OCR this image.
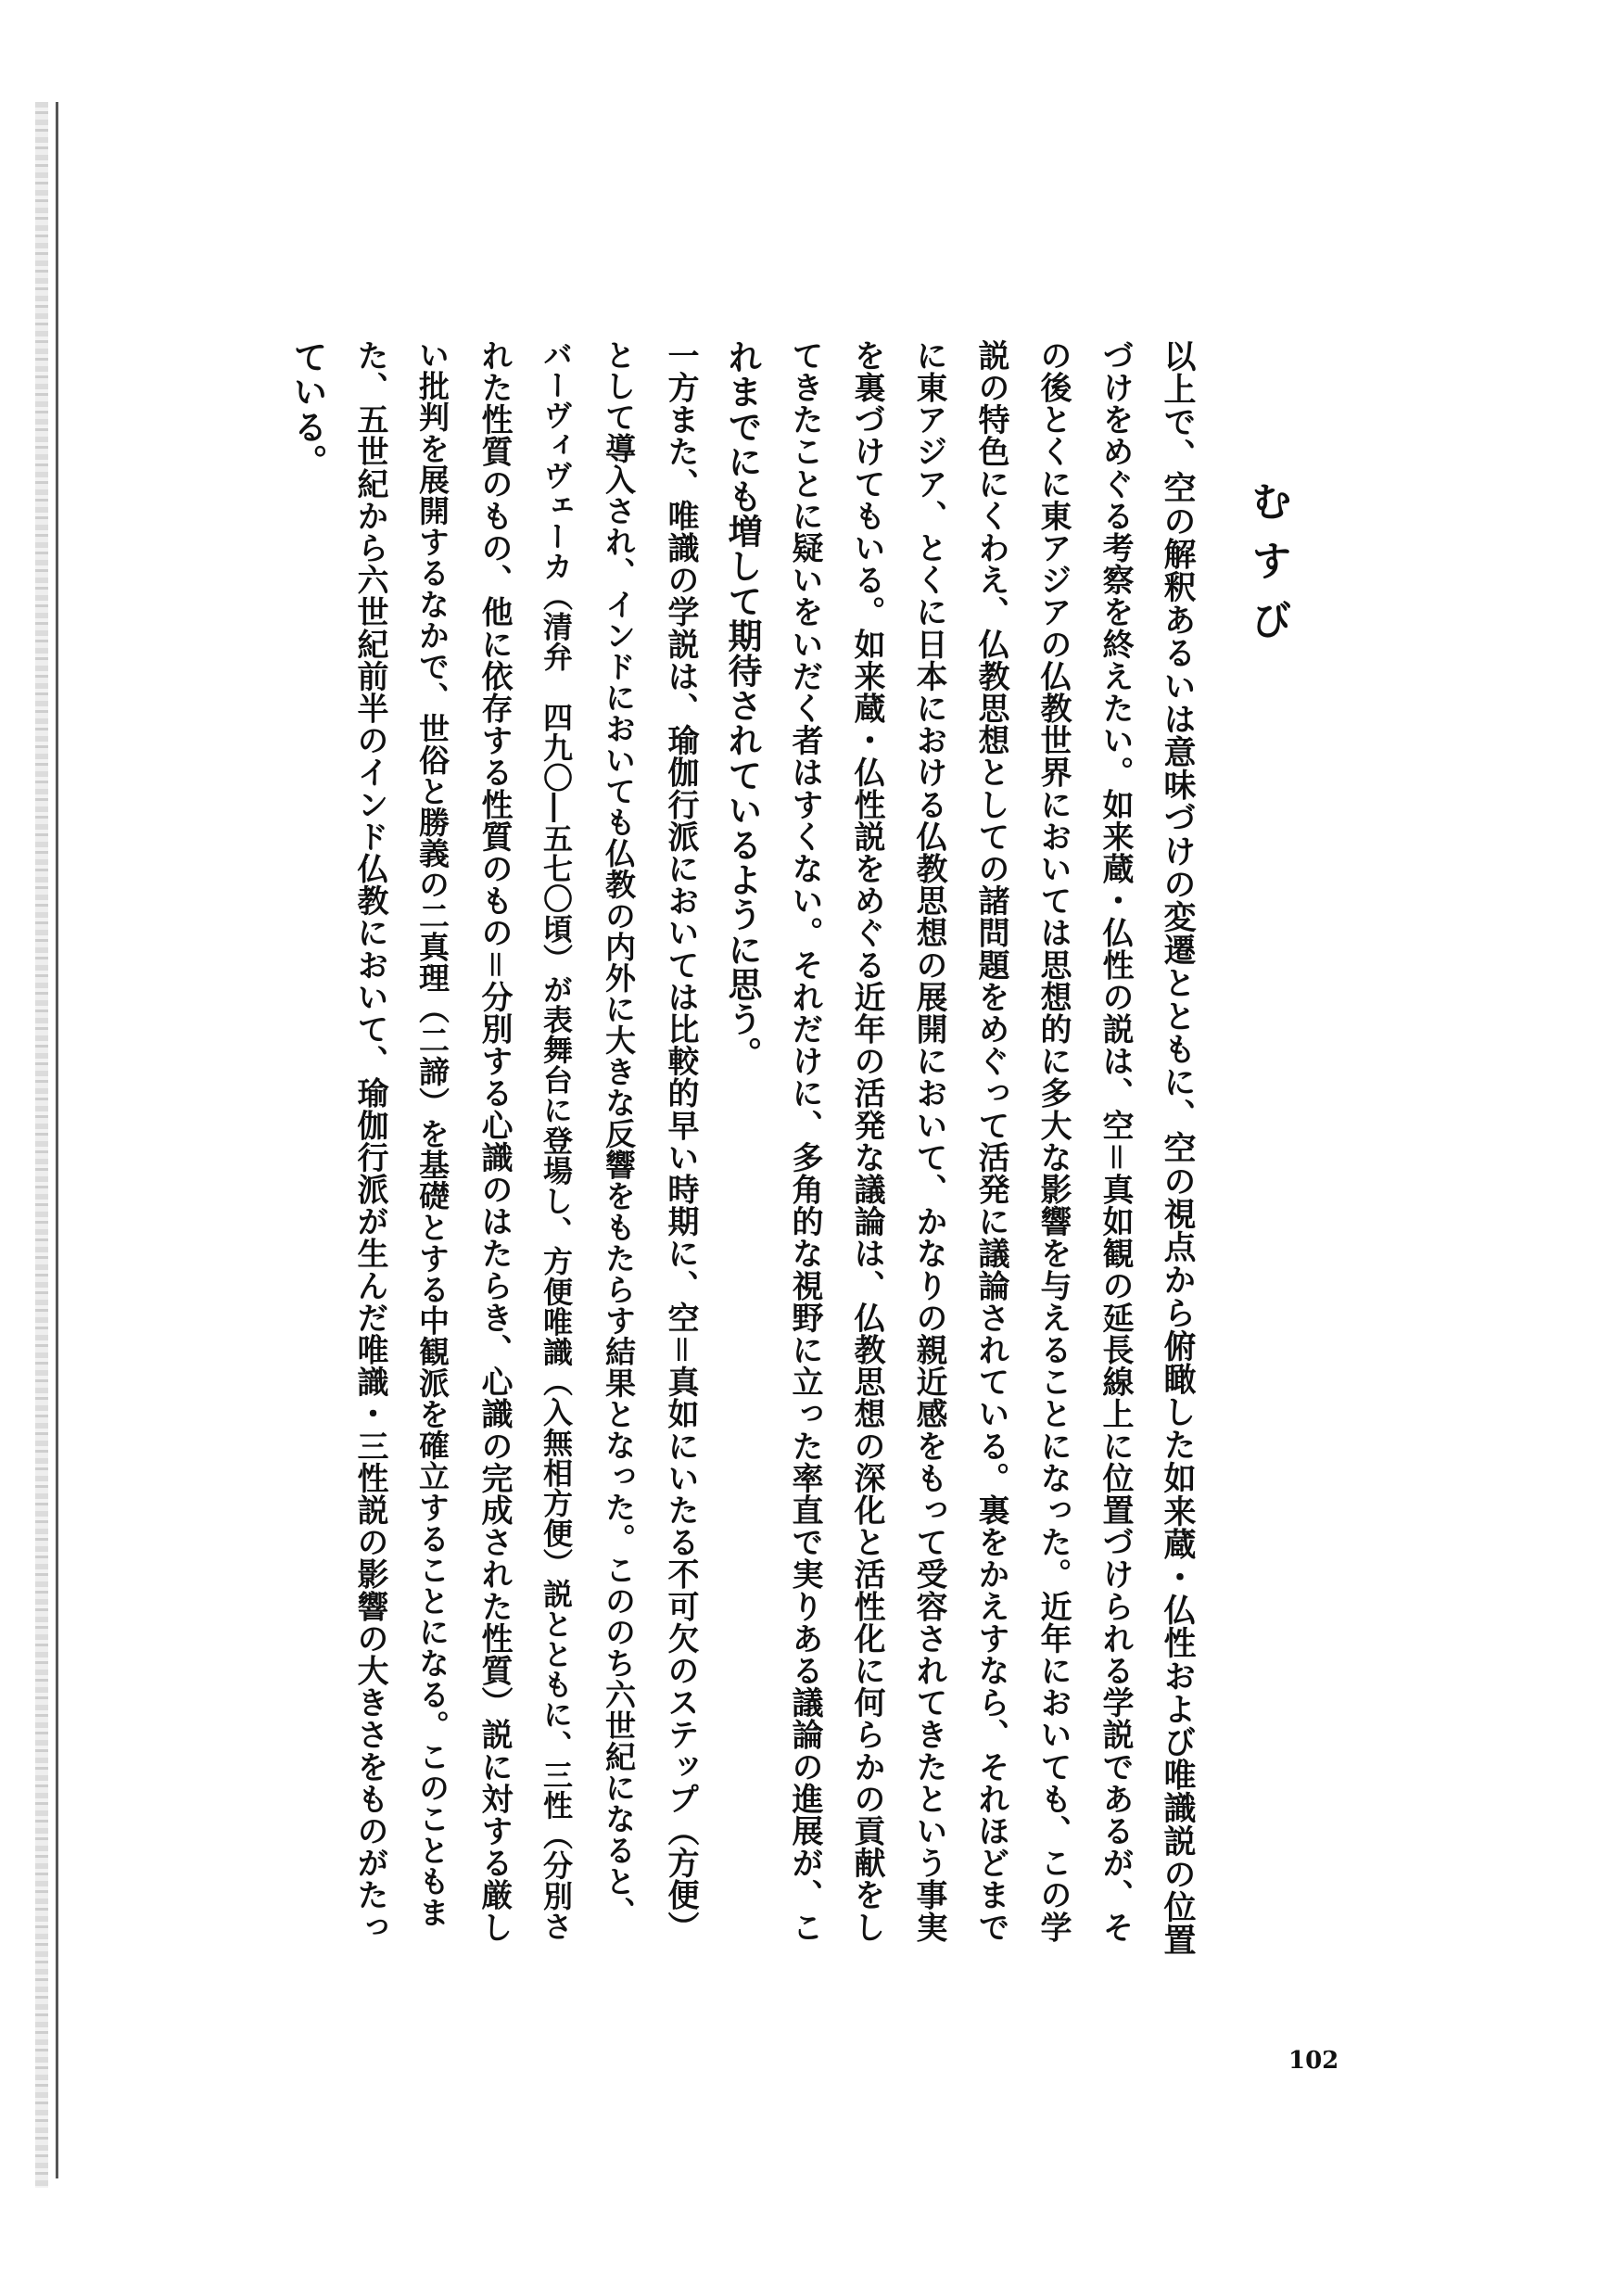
むすび
以上で、空の解釈あるいは意味づけの変遷とともに、空の視点から俯瞰した如来蔵・仏性および唯識説の位置
づけをめぐる考察を終えたい。如来蔵・仏性の説は、空＝真如観の延長線上に位置づけられる学説であるが、そ
の後とくに東アジアの仏教世界においては思想的に多大な影響を与えることになった。近年においても、この学
説の特色にくわえ、仏教思想としての諸問題をめぐって活発に議論されている。裏をかえすなら、それほどまで
に東アジア、とくに日本における仏教思想の展開において、かなりの親近感をもって受容されてきたという事実
を裏づけてもいる。如来蔵・仏性説をめぐる近年の活発な議論は、仏教思想の深化と活性化に何らかの貢献をし
てきたことに疑いをいだく者はすくない。それだけに、多角的な視野に立った率直で実りある議論の進展が、こ
れまでにも増して期待されているように思う。
一方また、唯識の学説は、瑜伽行派においては比較的早い時期に、空＝真如にいたる不可欠のステップ（方便）
として導入され、インドにおいても仏教の内外に大きな反響をもたらす結果となった。こののち六世紀になると、
バーヴィヴェーカ（清弁　四九〇―五七〇頃）が表舞台に登場し、方便唯識（入無相方便）説とともに、三性（分別さ
れた性質のもの、他に依存する性質のもの＝分別する心識のはたらき、心識の完成された性質）説に対する厳し
い批判を展開するなかで、世俗と勝義の二真理（二諦）を基礎とする中観派を確立することになる。このこともま
た、五世紀から六世紀前半のインド仏教において、瑜伽行派が生んだ唯識・三性説の影響の大きさをものがたっ
ている。
102
